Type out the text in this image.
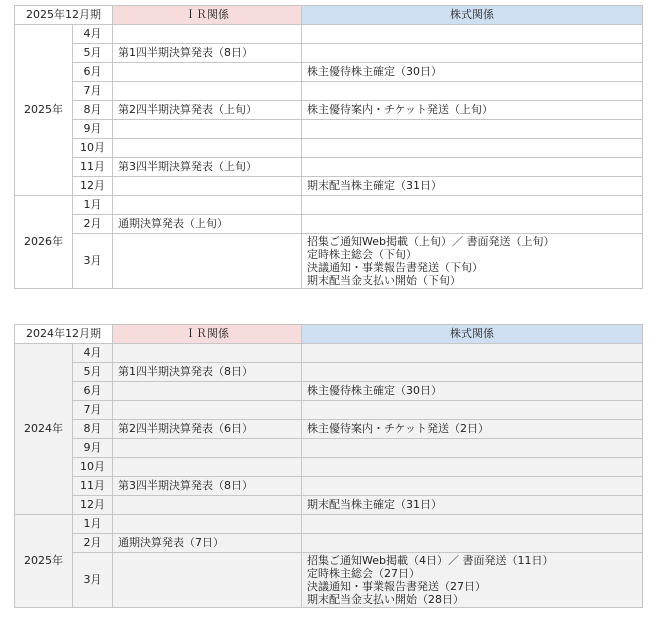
2025年12月期		ＩＲ関係	株式関係
2025年	4月		
	5月	第1四半期決算発表（8日）	
	6月		株主優待株主確定（30日）
	7月		
	8月	第2四半期決算発表（上旬）	株主優待案内・チケット発送（上旬）
	9月		
	10月		
	11月	第3四半期決算発表（上旬）	
	12月		期末配当株主確定（31日）
2026年	1月		
	2月	通期決算発表（上旬）	
	3月		招集ご通知Web掲載（上旬）／ 書面発送（上旬）
定時株主総会（下旬）
決議通知・事業報告書発送（下旬）
期末配当金支払い開始（下旬）
2024年12月期		ＩＲ関係	株式関係
2024年	4月		
	5月	第1四半期決算発表（8日）	
	6月		株主優待株主確定（30日）
	7月		
	8月	第2四半期決算発表（6日）	株主優待案内・チケット発送（2日）
	9月		
	10月		
	11月	第3四半期決算発表（8日）	
	12月		期末配当株主確定（31日）
2025年	1月		
	2月	通期決算発表（7日）	
	3月		招集ご通知Web掲載（4日）／ 書面発送（11日）
定時株主総会（27日）
決議通知・事業報告書発送（27日）
期末配当金支払い開始（28日）
